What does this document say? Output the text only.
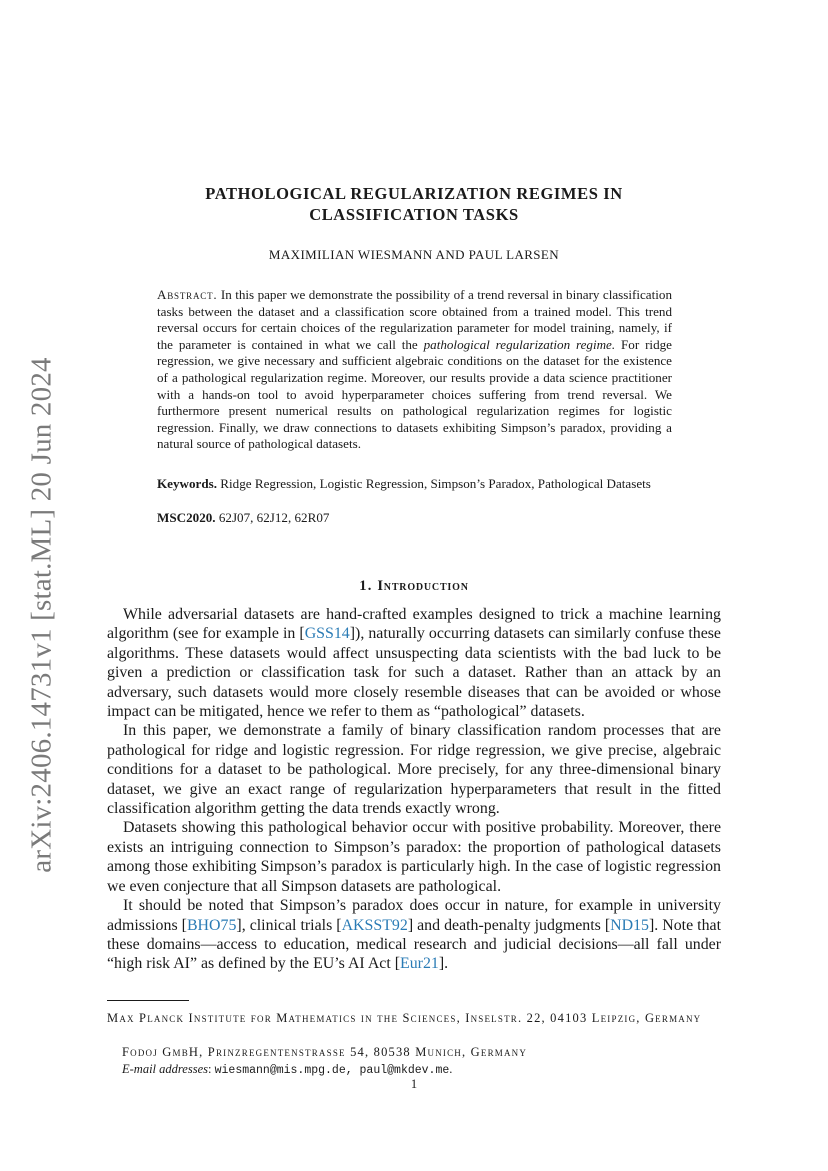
arXiv:2406.14731v1 [stat.ML] 20 Jun 2024
PATHOLOGICAL REGULARIZATION REGIMES IN
CLASSIFICATION TASKS

MAXIMILIAN WIESMANN AND PAUL LARSEN

Abstract. In this paper we demonstrate the possibility of a trend reversal in binary classification tasks between the dataset and a classification score obtained from a trained model. This trend reversal occurs for certain choices of the regularization parameter for model training, namely, if the parameter is contained in what we call the pathological regularization regime. For ridge regression, we give necessary and sufficient algebraic conditions on the dataset for the existence of a pathological regularization regime. Moreover, our results provide a data science practitioner with a hands-on tool to avoid hyperparameter choices suffering from trend reversal. We furthermore present numerical results on pathological regularization regimes for logistic regression. Finally, we draw connections to datasets exhibiting Simpson’s paradox, providing a natural source of pathological datasets.

Keywords. Ridge Regression, Logistic Regression, Simpson’s Paradox, Pathological Datasets

MSC2020. 62J07, 62J12, 62R07

1. Introduction

While adversarial datasets are hand-crafted examples designed to trick a machine learning algorithm (see for example in [GSS14]), naturally occurring datasets can similarly confuse these algorithms. These datasets would affect unsuspecting data scientists with the bad luck to be given a prediction or classification task for such a dataset. Rather than an attack by an adversary, such datasets would more closely resemble diseases that can be avoided or whose impact can be mitigated, hence we refer to them as “pathological” datasets.

In this paper, we demonstrate a family of binary classification random processes that are pathological for ridge and logistic regression. For ridge regression, we give precise, algebraic conditions for a dataset to be pathological. More precisely, for any three-dimensional binary dataset, we give an exact range of regularization hyperparameters that result in the fitted classification algorithm getting the data trends exactly wrong.

Datasets showing this pathological behavior occur with positive probability. Moreover, there exists an intriguing connection to Simpson’s paradox: the proportion of pathological datasets among those exhibiting Simpson’s paradox is particularly high. In the case of logistic regression we even conjecture that all Simpson datasets are pathological.

It should be noted that Simpson’s paradox does occur in nature, for example in university admissions [BHO75], clinical trials [AKSST92] and death-penalty judgments [ND15]. Note that these domains—access to education, medical research and judicial decisions—all fall under “high risk AI” as defined by the EU’s AI Act [Eur21].

Max Planck Institute for Mathematics in the Sciences, Inselstr. 22, 04103 Leipzig, Germany

Fodoj GmbH, Prinzregentenstrasse 54, 80538 Munich, Germany

E-mail addresses: wiesmann@mis.mpg.de, paul@mkdev.me.

1
